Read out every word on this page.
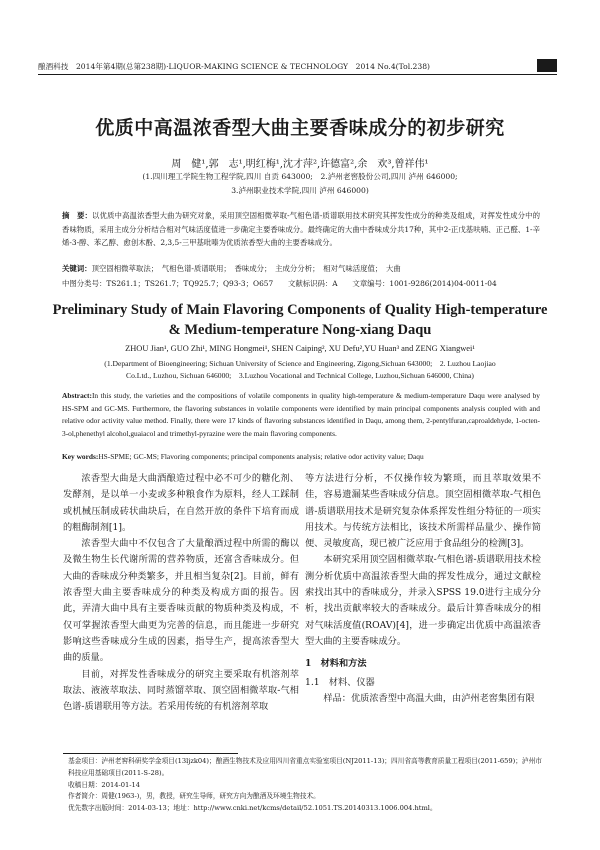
酿酒科技　2014年第4期(总第238期)·LIQUOR-MAKING SCIENCE & TECHNOLOGY　2014 No.4(Tol.238)
优质中高温浓香型大曲主要香味成分的初步研究
周　健¹,郭　志¹,明红梅¹,沈才萍²,许德富²,余　欢³,曾祥伟¹
(1.四川理工学院生物工程学院,四川 自贡 643000;　2.泸州老窖股份公司,四川 泸州 646000;
3.泸州职业技术学院,四川 泸州 646000)
摘　要：以优质中高温浓香型大曲为研究对象，采用顶空固相微萃取-气相色谱-质谱联用技术研究其挥发性成分的种类及组成，对挥发性成分中的香味物质，采用主成分分析结合相对气味活度值进一步确定主要香味成分。最终确定的大曲中香味成分共17种，其中2-正戊基呋喃、正己醛、1-辛烯-3-醇、苯乙醇、愈创木酚、2,3,5-三甲基吡嗪为优质浓香型大曲的主要香味成分。
关键词：顶空固相微萃取法；　气相色谱-质谱联用；　香味成分；　主成分分析；　相对气味活度值；　大曲
中图分类号：TS261.1；TS261.7；TQ925.7；Q93-3；O657　　文献标识码：A　　文章编号：1001-9286(2014)04-0011-04
Preliminary Study of Main Flavoring Components of Quality High-temperature
& Medium-temperature Nong-xiang Daqu
ZHOU Jian¹, GUO Zhi¹, MING Hongmei¹, SHEN Caiping², XU Defu²,YU Huan³ and ZENG Xiangwei¹
(1.Department of Bioengineering; Sichuan University of Science and Engineering, Zigong,Sichuan 643000;　2. Luzhou Laojiao
Co.Ltd., Luzhou, Sichuan 646000;　3.Luzhou Vocational and Technical College, Luzhou,Sichuan 646000, China)
Abstract:In this study, the varieties and the compositions of volatile components in quality high-temperature & medium-temperature Daqu were analysed by HS-SPM and GC-MS. Furthermore, the flavoring substances in volatile components were identified by main principal components analysis coupled with and relative odor activity value method. Finally, there were 17 kinds of flavoring substances identified in Daqu, among them, 2-pentylfuran,caproaldehyde, 1-octen-3-ol,phenethyl alcohol,guaiacol and trimethyl-pyrazine were the main flavoring components.
Key words:HS-SPME; GC-MS; Flavoring components; principal components analysis; relative odor activity value; Daqu

浓香型大曲是大曲酒酿造过程中必不可少的糖化剂、发酵剂，是以单一小麦或多种粮食作为原料，经人工踩制或机械压制成砖状曲块后，在自然开放的条件下培育而成的粗酶制剂[1]。

浓香型大曲中不仅包含了大量酿酒过程中所需的酶以及微生物生长代谢所需的营养物质，还富含香味成分。但大曲的香味成分种类繁多，并且相当复杂[2]。目前，鲜有浓香型大曲主要香味成分的种类及构成方面的报告。因此，弄清大曲中具有主要香味贡献的物质种类及构成，不仅可掌握浓香型大曲更为完善的信息，而且能进一步研究影响这些香味成分生成的因素，指导生产，提高浓香型大曲的质量。

目前，对挥发性香味成分的研究主要采取有机溶剂萃取法、液液萃取法、同时蒸馏萃取、顶空固相微萃取-气相色谱-质谱联用等方法。若采用传统的有机溶剂萃取

等方法进行分析，不仅操作较为繁琐，而且萃取效果不佳，容易遗漏某些香味成分信息。顶空固相微萃取-气相色谱-质谱联用技术是研究复杂体系挥发性组分特征的一项实用技术。与传统方法相比，该技术所需样品量少、操作简便、灵敏度高，现已被广泛应用于食品组分的检测[3]。

本研究采用顶空固相微萃取-气相色谱-质谱联用技术检测分析优质中高温浓香型大曲的挥发性成分，通过文献检索找出其中的香味成分，并录入SPSS 19.0进行主成分分析，找出贡献率较大的香味成分。最后计算香味成分的相对气味活度值(ROAV)[4]，进一步确定出优质中高温浓香型大曲的主要香味成分。

1　材料和方法

1.1　材料、仪器

样品：优质浓香型中高温大曲，由泸州老窖集团有限

基金项目：泸州老窖科研奖学金项目(13ljzk04)；酿酒生物技术及应用四川省重点实验室项目(NJ2011-13)；四川省高等教育质量工程项目(2011-659)；泸州市科技应用基础项目(2011-S-28)。
收稿日期：2014-01-14
作者简介：周健(1963-)，男，教授，研究生导师，研究方向为酿酒及环境生物技术。
优先数字出版时间：2014-03-13；地址：http://www.cnki.net/kcms/detail/52.1051.TS.20140313.1006.004.html。
